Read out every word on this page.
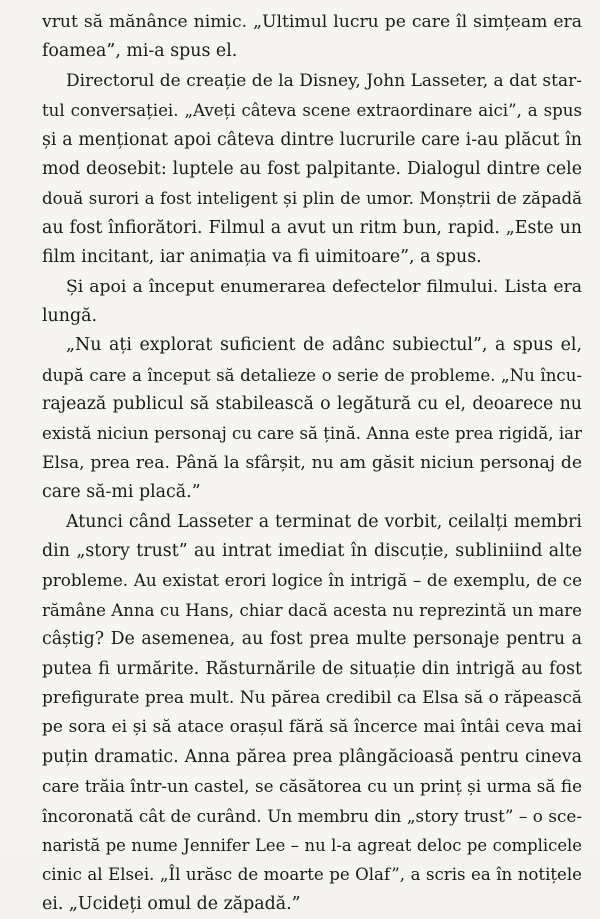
vrut să mănânce nimic. „Ultimul lucru pe care îl simțeam era
foamea”, mi-a spus el.
Directorul de creație de la Disney, John Lasseter, a dat star-
tul conversației. „Aveți câteva scene extraordinare aici”, a spus
și a menționat apoi câteva dintre lucrurile care i-au plăcut în
mod deosebit: luptele au fost palpitante. Dialogul dintre cele
două surori a fost inteligent și plin de umor. Monștrii de zăpadă
au fost înfiorători. Filmul a avut un ritm bun, rapid. „Este un
film incitant, iar animația va fi uimitoare”, a spus.
Și apoi a început enumerarea defectelor filmului. Lista era
lungă.
„Nu ați explorat suficient de adânc subiectul”, a spus el,
după care a început să detalieze o serie de probleme. „Nu încu-
rajează publicul să stabilească o legătură cu el, deoarece nu
există niciun personaj cu care să țină. Anna este prea rigidă, iar
Elsa, prea rea. Până la sfârșit, nu am găsit niciun personaj de
care să-mi placă.”
Atunci când Lasseter a terminat de vorbit, ceilalți membri
din „story trust” au intrat imediat în discuție, subliniind alte
probleme. Au existat erori logice în intrigă – de exemplu, de ce
rămâne Anna cu Hans, chiar dacă acesta nu reprezintă un mare
câștig? De asemenea, au fost prea multe personaje pentru a
putea fi urmărite. Răsturnările de situație din intrigă au fost
prefigurate prea mult. Nu părea credibil ca Elsa să o răpească
pe sora ei și să atace orașul fără să încerce mai întâi ceva mai
puțin dramatic. Anna părea prea plângăcioasă pentru cineva
care trăia într-un castel, se căsătorea cu un prinț și urma să fie
încoronată cât de curând. Un membru din „story trust” – o sce-
naristă pe nume Jennifer Lee – nu l-a agreat deloc pe complicele
cinic al Elsei. „Îl urăsc de moarte pe Olaf”, a scris ea în notițele
ei. „Ucideți omul de zăpadă.”
